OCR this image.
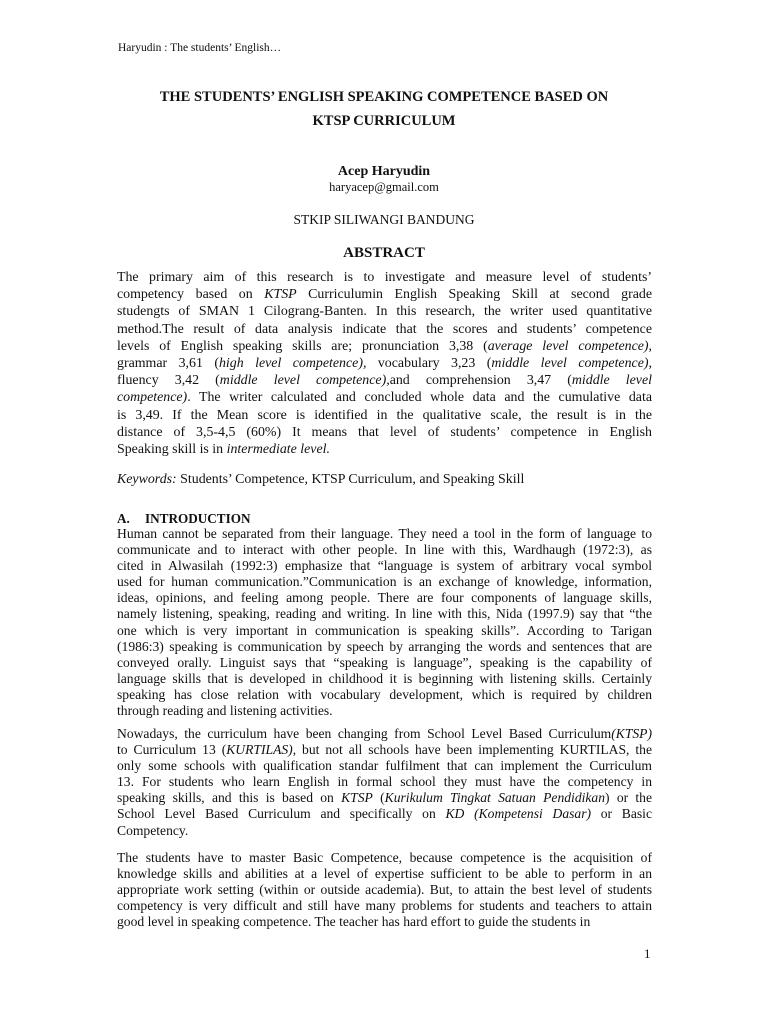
Haryudin : The students’ English…
THE STUDENTS’ ENGLISH SPEAKING COMPETENCE BASED ON
KTSP CURRICULUM
Acep Haryudin
haryacep@gmail.com
STKIP SILIWANGI BANDUNG
ABSTRACT
The primary aim of this research is to investigate and measure level of students’
competency based on KTSP Curriculumin English Speaking Skill at second grade
studengts of SMAN 1 Cilograng-Banten. In this research, the writer used quantitative
method.The result of data analysis indicate that the scores and students’ competence
levels of English speaking skills are; pronunciation 3,38 (average level competence),
grammar 3,61 (high level competence), vocabulary 3,23 (middle level competence),
fluency 3,42 (middle level competence),and comprehension 3,47 (middle level
competence). The writer calculated and concluded whole data and the cumulative data
is 3,49. If the Mean score is identified in the qualitative scale, the result is in the
distance of 3,5-4,5 (60%) It means that level of students’ competence in English
Speaking skill is in intermediate level.
Keywords: Students’ Competence, KTSP Curriculum, and Speaking Skill
A. INTRODUCTION
Human cannot be separated from their language. They need a tool in the form of language to
communicate and to interact with other people. In line with this, Wardhaugh (1972:3), as
cited in Alwasilah (1992:3) emphasize that “language is system of arbitrary vocal symbol
used for human communication.”Communication is an exchange of knowledge, information,
ideas, opinions, and feeling among people. There are four components of language skills,
namely listening, speaking, reading and writing. In line with this, Nida (1997.9) say that “the
one which is very important in communication is speaking skills”. According to Tarigan
(1986:3) speaking is communication by speech by arranging the words and sentences that are
conveyed orally. Linguist says that “speaking is language”, speaking is the capability of
language skills that is developed in childhood it is beginning with listening skills. Certainly
speaking has close relation with vocabulary development, which is required by children
through reading and listening activities.
Nowadays, the curriculum have been changing from School Level Based Curriculum(KTSP)
to Curriculum 13 (KURTILAS), but not all schools have been implementing KURTILAS, the
only some schools with qualification standar fulfilment that can implement the Curriculum
13. For students who learn English in formal school they must have the competency in
speaking skills, and this is based on KTSP (Kurikulum Tingkat Satuan Pendidikan) or the
School Level Based Curriculum and specifically on KD (Kompetensi Dasar) or Basic
Competency.
The students have to master Basic Competence, because competence is the acquisition of
knowledge skills and abilities at a level of expertise sufficient to be able to perform in an
appropriate work setting (within or outside academia). But, to attain the best level of students
competency is very difficult and still have many problems for students and teachers to attain
good level in speaking competence. The teacher has hard effort to guide the students in
1
